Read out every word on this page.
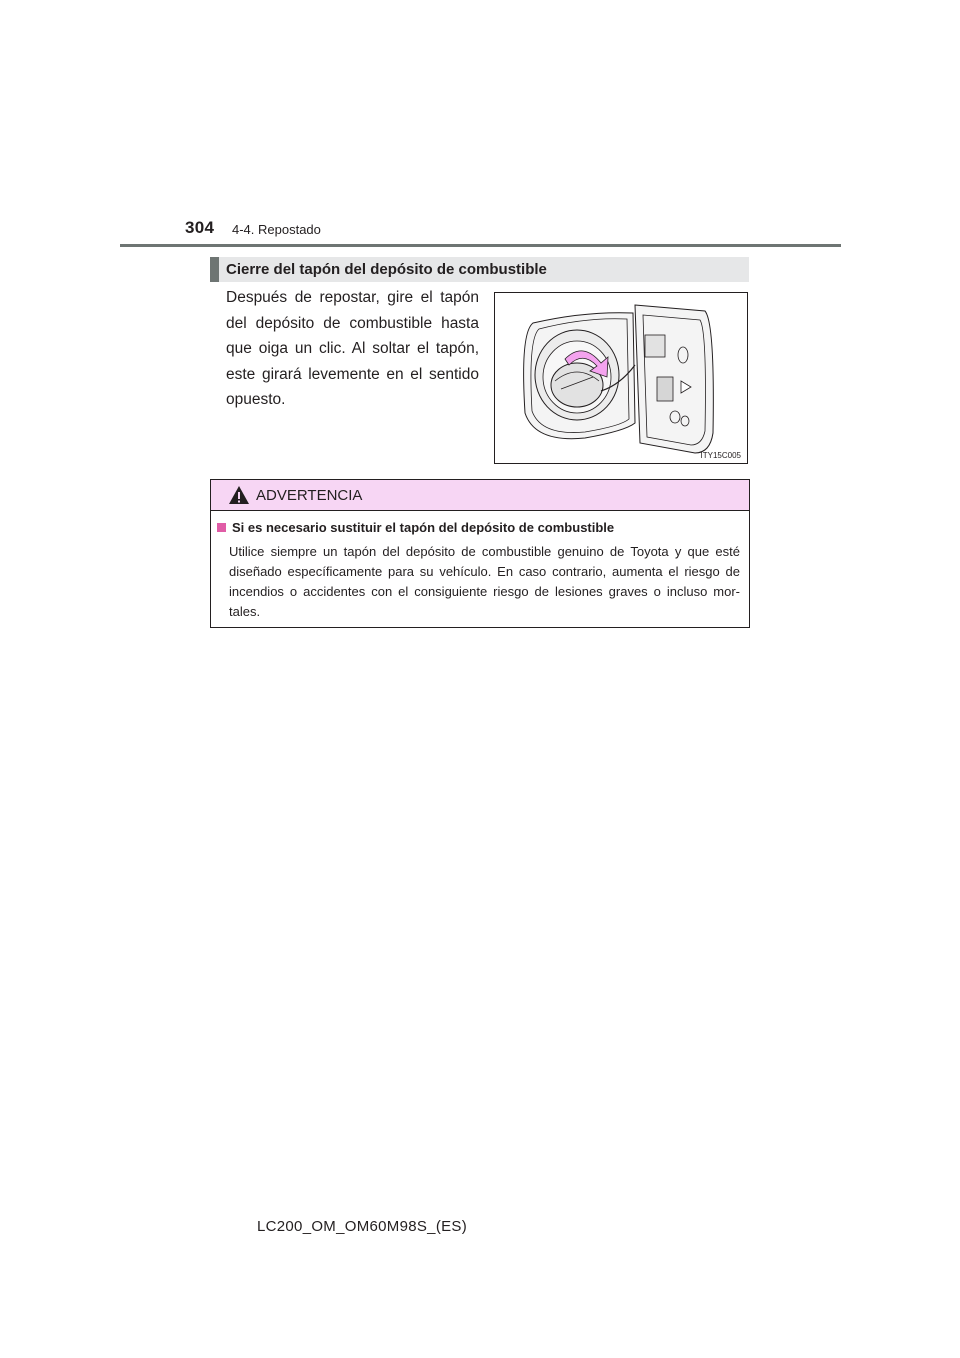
304 4-4. Repostado
Cierre del tapón del depósito de combustible
Después de repostar, gire el tapón del depósito de combustible hasta que oiga un clic. Al soltar el tapón, este girará levemente en el sentido opuesto.
ITY15C005
ADVERTENCIA
Si es necesario sustituir el tapón del depósito de combustible
Utilice siempre un tapón del depósito de combustible genuino de Toyota y que esté diseñado específicamente para su vehículo. En caso contrario, aumenta el riesgo de incendios o accidentes con el consiguiente riesgo de lesiones graves o incluso mor-tales.
LC200_OM_OM60M98S_(ES)
